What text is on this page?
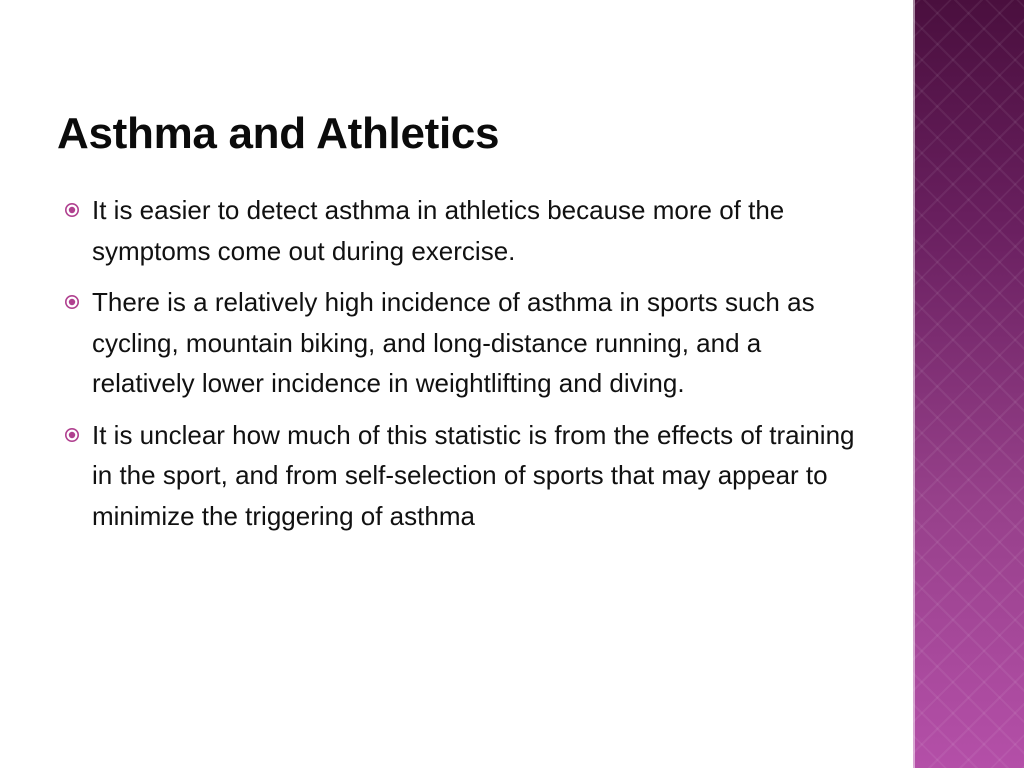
Asthma and Athletics
It is easier to detect asthma in athletics because more of the symptoms come out during exercise.
There is a relatively high incidence of asthma in sports such as cycling, mountain biking, and long-distance running, and a relatively lower incidence in weightlifting and diving.
It is unclear how much of this statistic is from the effects of training in the sport, and from self-selection of sports that may appear to minimize the triggering of asthma
